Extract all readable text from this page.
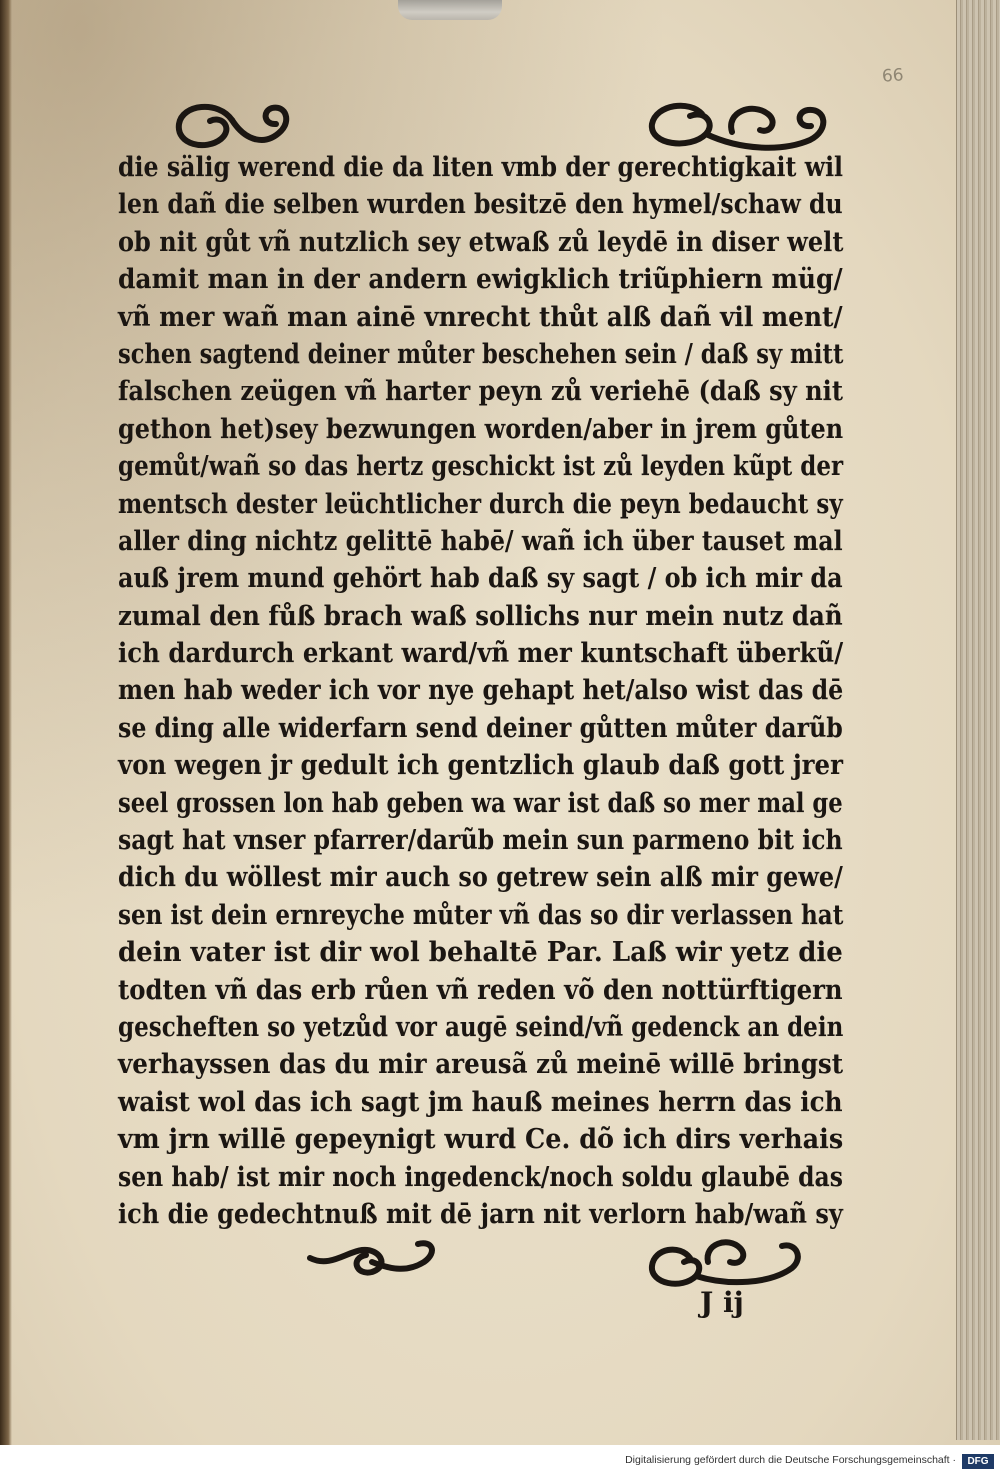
66
die sälig werend die da liten vmb der gerechtigkait wil
len dañ die selben wurden besitzē den hymel/schaw du
ob nit gůt vñ nutzlich sey etwaß zů leydē in diser welt
damit man in der andern ewigklich triũphiern müg/
vñ mer wañ man ainē vnrecht thůt alß dañ vil ment/
schen sagtend deiner můter beschehen sein / daß sy mitt
falschen zeügen vñ harter peyn zů veriehē (daß sy nit
gethon het)sey bezwungen worden/aber in jrem gůten
gemůt/wañ so das hertz geschickt ist zů leyden kũpt der
mentsch dester leüchtlicher durch die peyn bedaucht sy
aller ding nichtz gelittē habē/ wañ ich über tauset mal
auß jrem mund gehört hab daß sy sagt / ob ich mir da
zumal den fůß brach waß sollichs nur mein nutz dañ
ich dardurch erkant ward/vñ mer kuntschaft überkũ/
men hab weder ich vor nye gehapt het/also wist das dē
se ding alle widerfarn send deiner gůtten můter darũb
von wegen jr gedult ich gentzlich glaub daß gott jrer
seel grossen lon hab geben wa war ist daß so mer mal ge
sagt hat vnser pfarrer/darũb mein sun parmeno bit ich
dich du wöllest mir auch so getrew sein alß mir gewe/
sen ist dein ernreyche můter vñ das so dir verlassen hat
dein vater ist dir wol behaltē Par. Laß wir yetz die
todten vñ das erb růen vñ reden võ den nottürftigern
gescheften so yetzůd vor augē seind/vñ gedenck an dein
verhayssen das du mir areusã zů meinē willē bringst
waist wol das ich sagt jm hauß meines herrn das ich
vm jrn willē gepeynigt wurd Ce. dõ ich dirs verhais
sen hab/ ist mir noch ingedenck/noch soldu glaubē das
ich die gedechtnuß mit dē jarn nit verlorn hab/wañ sy
J ij
Digitalisierung gefördert durch die Deutsche Forschungsgemeinschaft ·	DFG
